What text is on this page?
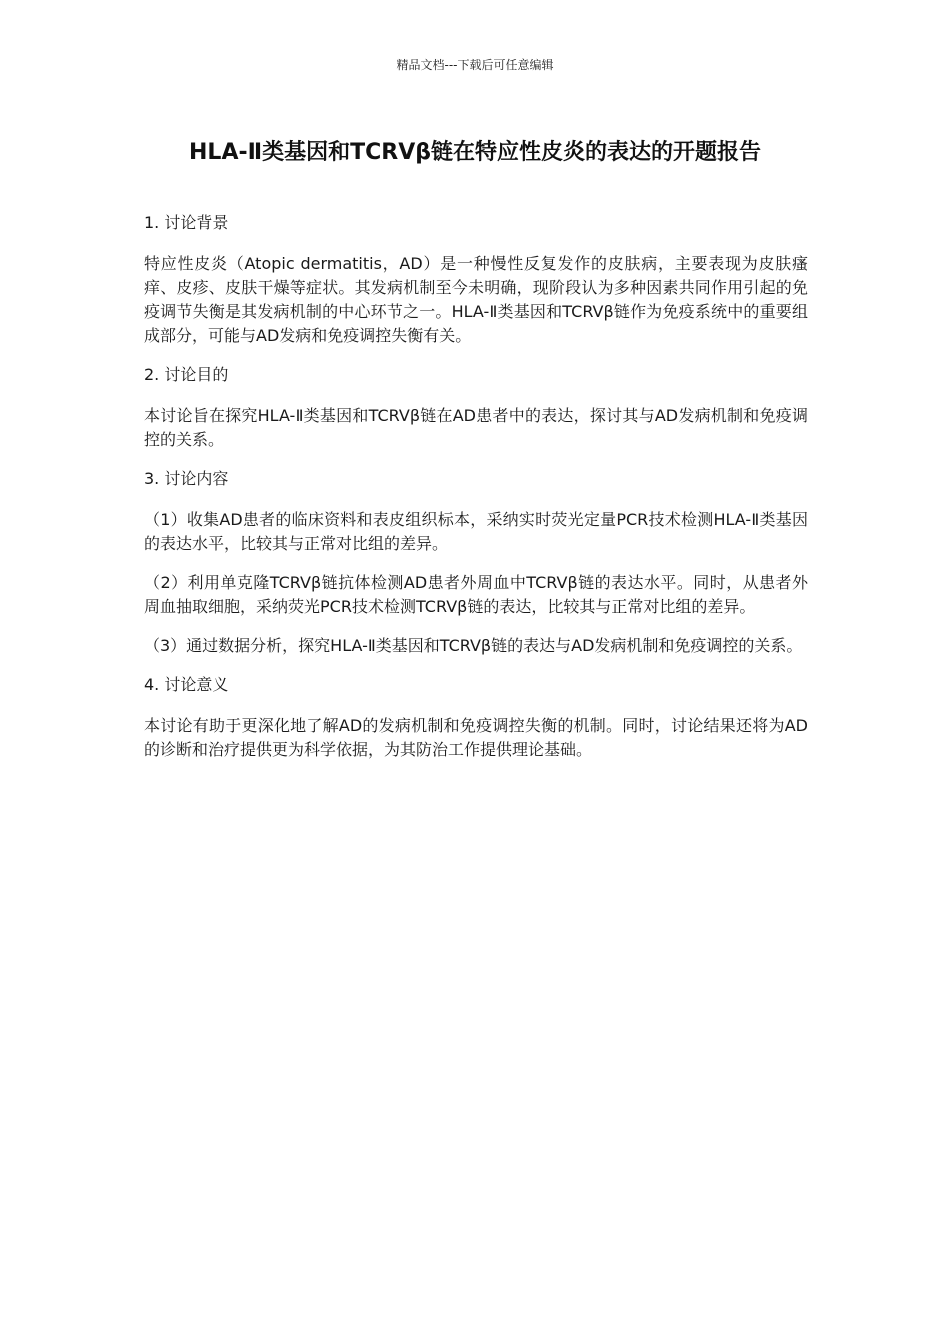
精品文档---下载后可任意编辑
HLA-Ⅱ类基因和TCRVβ链在特应性皮炎的表达的开题报告
1. 讨论背景

特应性皮炎（Atopic dermatitis，AD）是一种慢性反复发作的皮肤病，主要表现为皮肤瘙痒、皮疹、皮肤干燥等症状。其发病机制至今未明确，现阶段认为多种因素共同作用引起的免疫调节失衡是其发病机制的中心环节之一。HLA-Ⅱ类基因和TCRVβ链作为免疫系统中的重要组成部分，可能与AD发病和免疫调控失衡有关。

2. 讨论目的

本讨论旨在探究HLA-Ⅱ类基因和TCRVβ链在AD患者中的表达，探讨其与AD发病机制和免疫调控的关系。

3. 讨论内容

（1）收集AD患者的临床资料和表皮组织标本，采纳实时荧光定量PCR技术检测HLA-Ⅱ类基因的表达水平，比较其与正常对比组的差异。

（2）利用单克隆TCRVβ链抗体检测AD患者外周血中TCRVβ链的表达水平。同时，从患者外周血抽取细胞，采纳荧光PCR技术检测TCRVβ链的表达，比较其与正常对比组的差异。

（3）通过数据分析，探究HLA-Ⅱ类基因和TCRVβ链的表达与AD发病机制和免疫调控的关系。

4. 讨论意义

本讨论有助于更深化地了解AD的发病机制和免疫调控失衡的机制。同时，讨论结果还将为AD的诊断和治疗提供更为科学依据，为其防治工作提供理论基础。
